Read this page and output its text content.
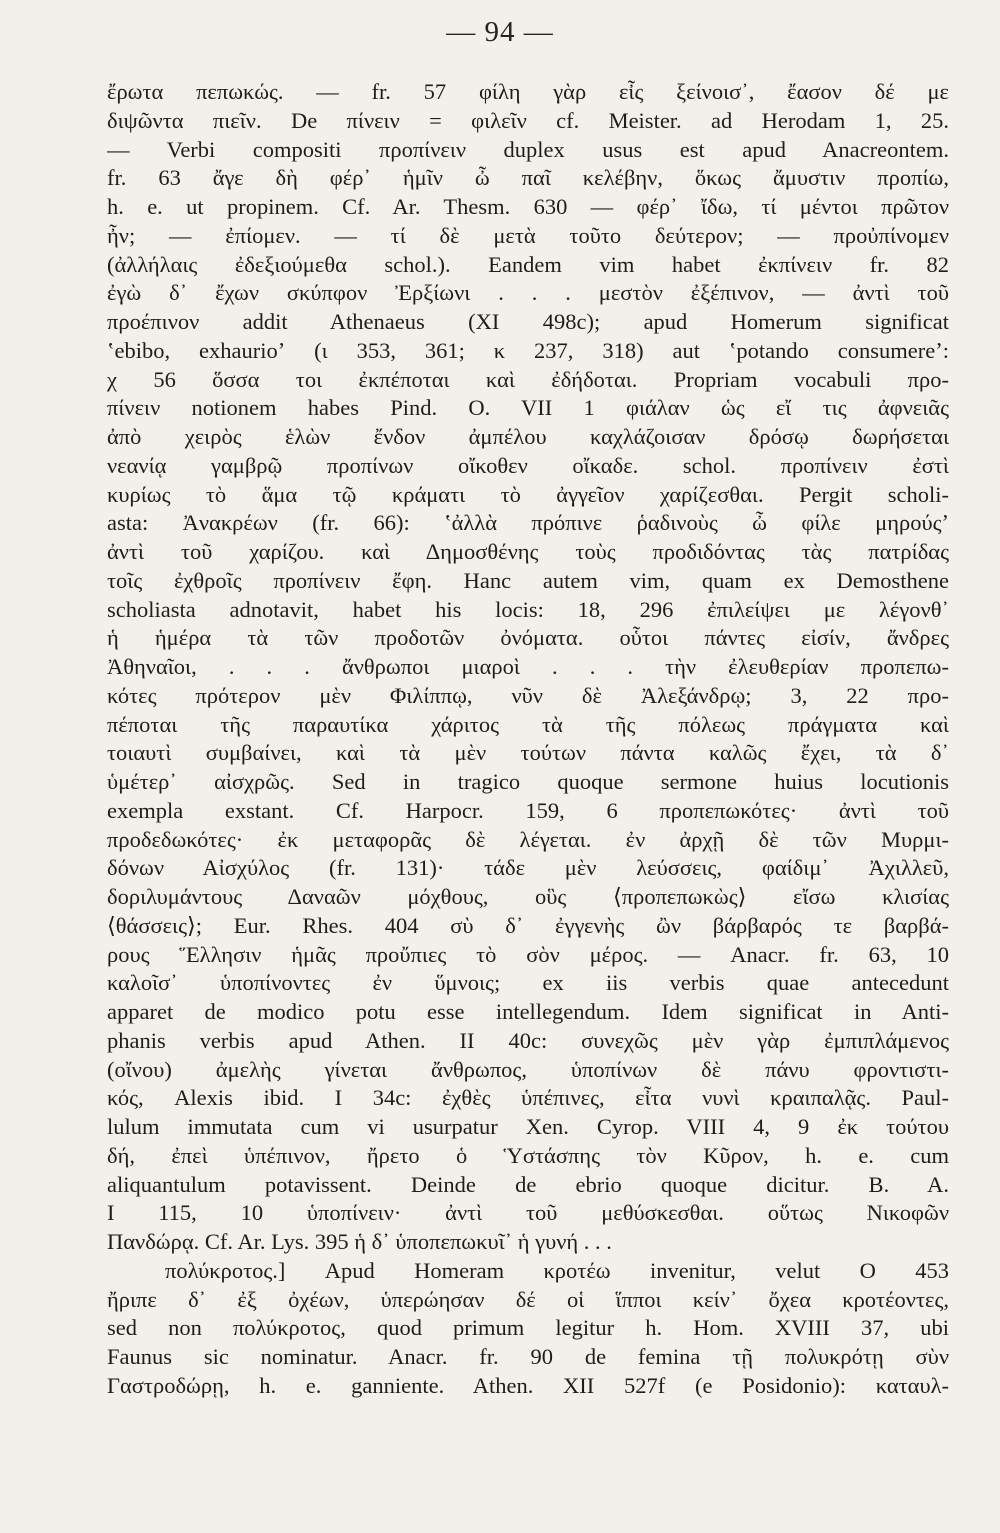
— 94 —
ἔρωτα πεπωκώς. — fr. 57 φίλη γὰρ εἶς ξείνοισ᾽, ἔασον δέ με
διψῶντα πιεῖν. De πίνειν = φιλεῖν cf. Meister. ad Herodam 1, 25.
— Verbi compositi προπίνειν duplex usus est apud Anacreontem.
fr. 63 ἄγε δὴ φέρ᾽ ἡμῖν ὦ παῖ κελέβην, ὅκως ἄμυστιν προπίω,
h. e. ut propinem. Cf. Ar. Thesm. 630 — φέρ᾽ ἴδω, τί μέντοι πρῶτον
ἦν; — ἐπίομεν. — τί δὲ μετὰ τοῦτο δεύτερον; — προὐπίνομεν
(ἀλλήλαις ἐδεξιούμεθα schol.). Eandem vim habet ἐκπίνειν fr. 82
ἐγὼ δ᾽ ἔχων σκύπφον Ἐρξίωνι . . . μεστὸν ἐξέπινον, — ἀντὶ τοῦ
προέπινον addit Athenaeus (XI 498c); apud Homerum significat
ʽebibo, exhaurioʼ (ι 353, 361; κ 237, 318) aut ʽpotando consumereʼ:
χ 56 ὅσσα τοι ἐκπέποται καὶ ἐδήδοται. Propriam vocabuli προ-
πίνειν notionem habes Pind. O. VII 1 φιάλαν ὡς εἴ τις ἀφνειᾶς
ἀπὸ χειρὸς ἑλὼν ἔνδον ἀμπέλου καχλάζοισαν δρόσῳ δωρήσεται
νεανίᾳ γαμβρῷ προπίνων οἴκοθεν οἴκαδε. schol. προπίνειν ἐστὶ
κυρίως τὸ ἅμα τῷ κράματι τὸ ἀγγεῖον χαρίζεσθαι. Pergit scholi-
asta: Ἀνακρέων (fr. 66): ʽἀλλὰ πρόπινε ῥαδινοὺς ὦ φίλε μηρούςʼ
ἀντὶ τοῦ χαρίζου. καὶ Δημοσθένης τοὺς προδιδόντας τὰς πατρίδας
τοῖς ἐχθροῖς προπίνειν ἔφη. Hanc autem vim, quam ex Demosthene
scholiasta adnotavit, habet his locis: 18, 296 ἐπιλείψει με λέγονθ᾽
ἡ ἡμέρα τὰ τῶν προδοτῶν ὀνόματα. οὗτοι πάντες εἰσίν, ἄνδρες
Ἀθηναῖοι, . . . ἄνθρωποι μιαροὶ . . . τὴν ἐλευθερίαν προπεπω-
κότες πρότερον μὲν Φιλίππῳ, νῦν δὲ Ἀλεξάνδρῳ; 3, 22 προ-
πέποται τῆς παραυτίκα χάριτος τὰ τῆς πόλεως πράγματα καὶ
τοιαυτὶ συμβαίνει, καὶ τὰ μὲν τούτων πάντα καλῶς ἔχει, τὰ δ᾽
ὑμέτερ᾽ αἰσχρῶς. Sed in tragico quoque sermone huius locutionis
exempla exstant. Cf. Harpocr. 159, 6 προπεπωκότες· ἀντὶ τοῦ
προδεδωκότες· ἐκ μεταφορᾶς δὲ λέγεται. ἐν ἀρχῇ δὲ τῶν Μυρμι-
δόνων Αἰσχύλος (fr. 131)· τάδε μὲν λεύσσεις, φαίδιμ᾽ Ἀχιλλεῦ,
δοριλυμάντους Δαναῶν μόχθους, οὓς ⟨προπεπωκὼς⟩ εἴσω κλισίας
⟨θάσσεις⟩; Eur. Rhes. 404 σὺ δ᾽ ἐγγενὴς ὢν βάρβαρός τε βαρβά-
ρους Ἕλλησιν ἡμᾶς προὔπιες τὸ σὸν μέρος. — Anacr. fr. 63, 10
καλοῖσ᾽ ὑποπίνοντες ἐν ὕμνοις; ex iis verbis quae antecedunt
apparet de modico potu esse intellegendum. Idem significat in Anti-
phanis verbis apud Athen. II 40c: συνεχῶς μὲν γὰρ ἐμπιπλάμενος
(οἴνου) ἀμελὴς γίνεται ἄνθρωπος, ὑποπίνων δὲ πάνυ φροντιστι-
κός, Alexis ibid. I 34c: ἐχθὲς ὑπέπινες, εἶτα νυνὶ κραιπαλᾷς. Paul-
lulum immutata cum vi usurpatur Xen. Cyrop. VIII 4, 9 ἐκ τούτου
δή, ἐπεὶ ὑπέπινον, ἤρετο ὁ Ὑστάσπης τὸν Κῦρον, h. e. cum
aliquantulum potavissent. Deinde de ebrio quoque dicitur. B. A.
I 115, 10 ὑποπίνειν· ἀντὶ τοῦ μεθύσκεσθαι. οὕτως Νικοφῶν
Πανδώρᾳ. Cf. Ar. Lys. 395 ἡ δ᾽ ὑποπεπωκυῖ᾽ ἡ γυνή . . .
πολύκροτος.] Apud Homeram κροτέω invenitur, velut O 453
ἤριπε δ᾽ ἐξ ὀχέων, ὑπερώησαν δέ οἱ ἵπποι κείν᾽ ὄχεα κροτέοντες,
sed non πολύκροτος, quod primum legitur h. Hom. XVIII 37, ubi
Faunus sic nominatur. Anacr. fr. 90 de femina τῇ πολυκρότῃ σὺν
Γαστροδώρῃ, h. e. ganniente. Athen. XII 527f (e Posidonio): καταυλ-
